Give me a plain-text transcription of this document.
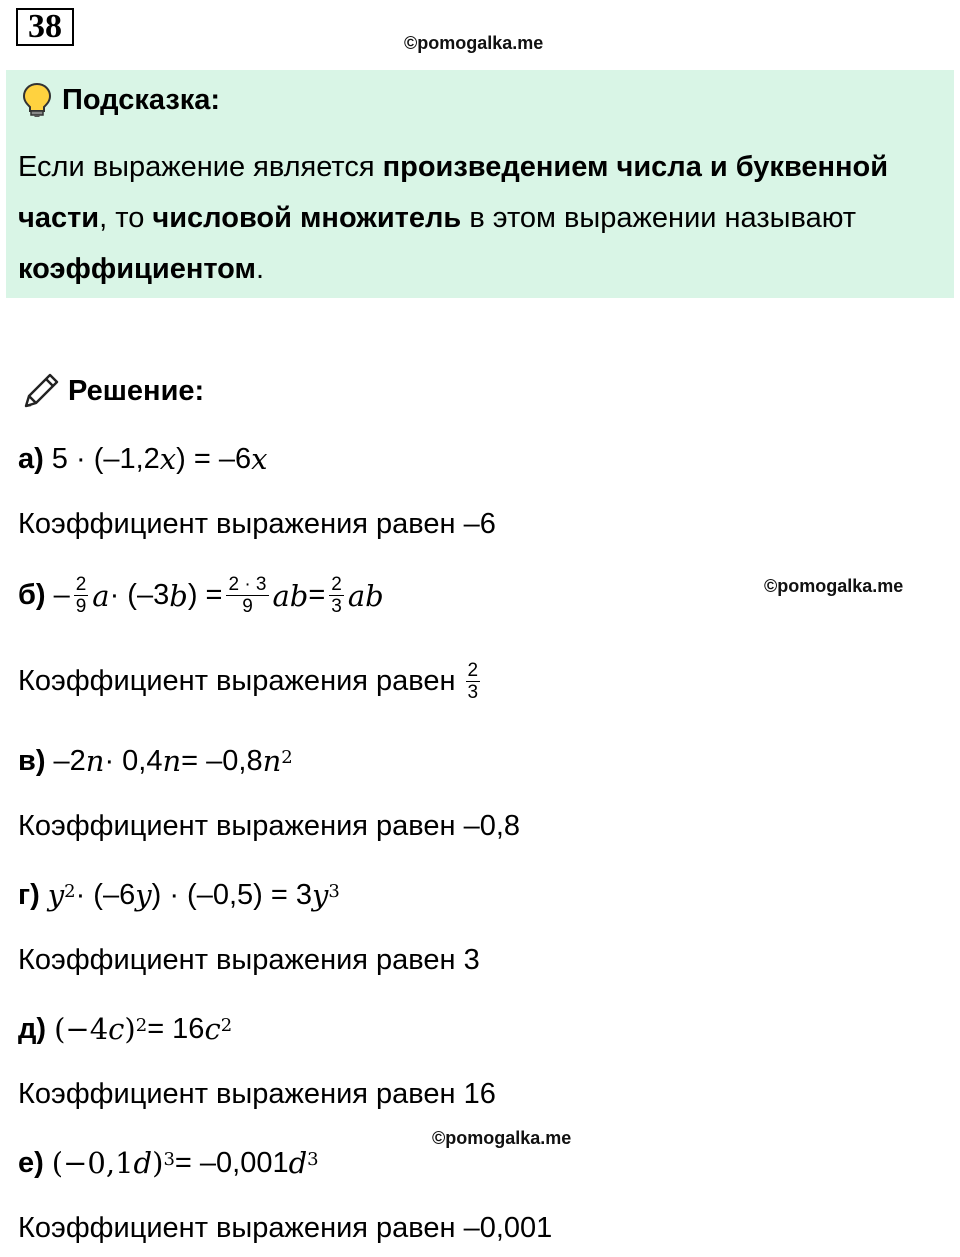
38	©pomogalka.me
Подсказка:
Если выражение является произведением числа и буквенной части, то числовой множитель в этом выражении называют коэффициентом.
Решение:
а) 5 · (–1,2 x ) = –6 x
Коэффициент выражения равен –6
$б) - \frac{2}{9}$ a · (–3 b ) = $\frac{2 \cdot 3}{9}$ ab = $\frac{2}{3}$ ab	©pomogalka.me
Коэффициент выражения равен $\frac{2}{3}$
в) –2 n · 0,4 n = –0,8 $n^2$
Коэффициент выражения равен –0,8
г) $y^2 \cdot (-6$ y ) · (–0,5) = 3 $y^3$
Коэффициент выражения равен 3
д) (−4 c )$^2$ = 16 $c^2$
Коэффициент выражения равен 16
©pomogalka.me
е) (−0,1 d )$^3$ = –0,001 $d^3$
Коэффициент выражения равен –0,001
